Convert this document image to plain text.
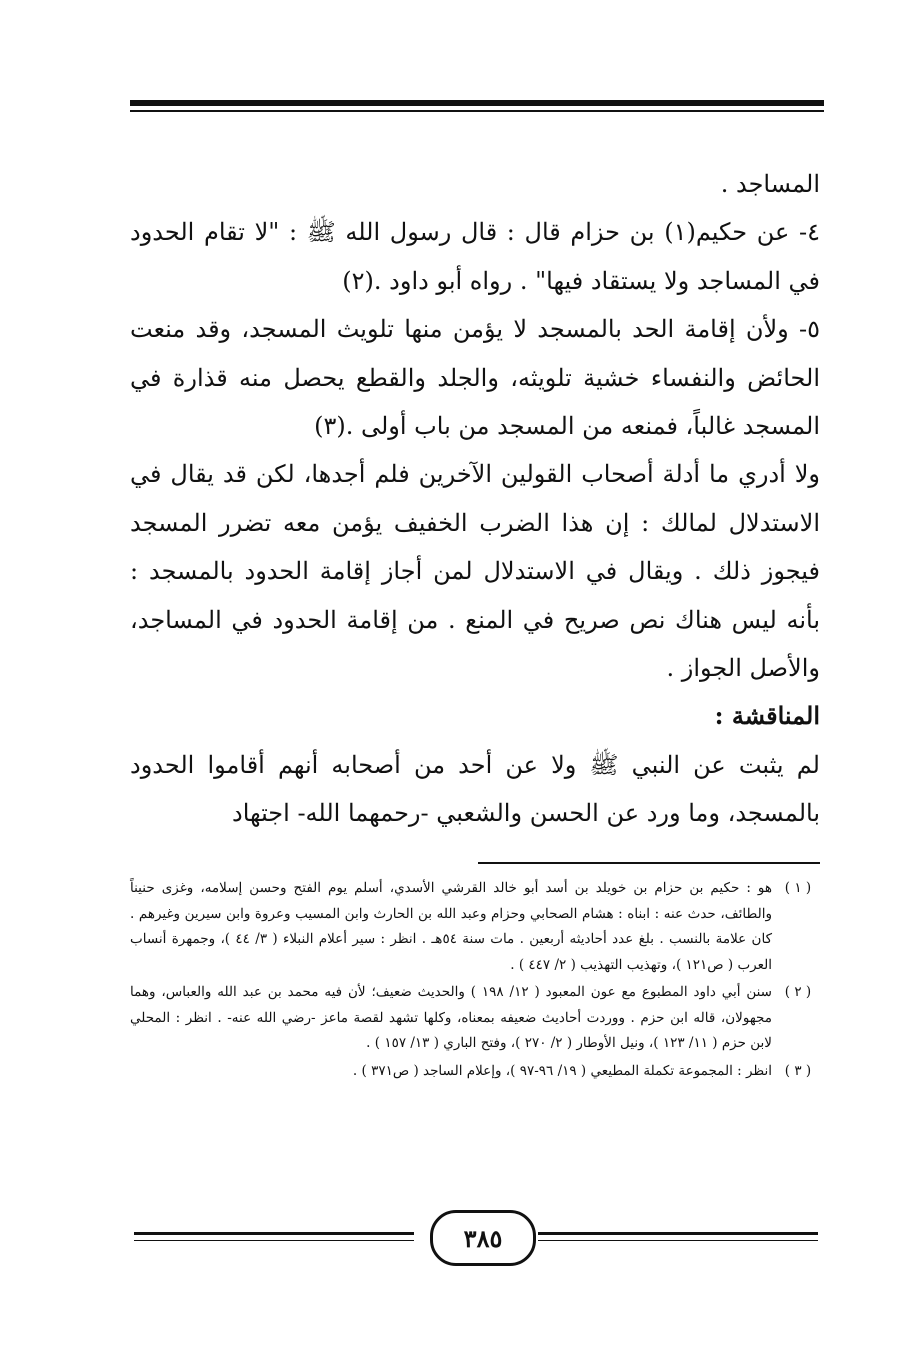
المساجد .

٤- عن حكيم(١) بن حزام قال : قال رسول الله ﷺ : "لا تقام الحدود في المساجد ولا يستقاد فيها" . رواه أبو داود .(٢)

٥- ولأن إقامة الحد بالمسجد لا يؤمن منها تلويث المسجد، وقد منعت الحائض والنفساء خشية تلويثه، والجلد والقطع يحصل منه قذارة في المسجد غالباً، فمنعه من المسجد من باب أولى .(٣)

ولا أدري ما أدلة أصحاب القولين الآخرين فلم أجدها، لكن قد يقال في الاستدلال لمالك : إن هذا الضرب الخفيف يؤمن معه تضرر المسجد فيجوز ذلك . ويقال في الاستدلال لمن أجاز إقامة الحدود بالمسجد : بأنه ليس هناك نص صريح في المنع . من إقامة الحدود في المساجد، والأصل الجواز .

المناقشة :

لم يثبت عن النبي ﷺ ولا عن أحد من أصحابه أنهم أقاموا الحدود بالمسجد، وما ورد عن الحسن والشعبي -رحمهما الله- اجتهاد

( ١ )
هو : حكيم بن حزام بن خويلد بن أسد أبو خالد القرشي الأسدي، أسلم يوم الفتح وحسن إسلامه، وغزى حنيناً والطائف، حدث عنه : ابناه : هشام الصحابي وحزام وعبد الله بن الحارث وابن المسيب وعروة وابن سيرين وغيرهم . كان علامة بالنسب . بلغ عدد أحاديثه أربعين . مات سنة ٥٤هـ . انظر : سير أعلام النبلاء ( ٣/ ٤٤ )، وجمهرة أنساب العرب ( ص١٢١ )، وتهذيب التهذيب ( ٢/ ٤٤٧ ) .

( ٢ )
سنن أبي داود المطبوع مع عون المعبود ( ١٢/ ١٩٨ ) والحديث ضعيف؛ لأن فيه محمد بن عبد الله والعباس، وهما مجهولان، قاله ابن حزم . ووردت أحاديث ضعيفه بمعناه، وكلها تشهد لقصة ماعز -رضي الله عنه- . انظر : المحلي لابن حزم ( ١١/ ١٢٣ )، ونيل الأوطار ( ٢/ ٢٧٠ )، وفتح الباري ( ١٣/ ١٥٧ ) .

( ٣ )
انظر : المجموعة تكملة المطيعي ( ١٩/ ٩٦-٩٧ )، وإعلام الساجد ( ص٣٧١ ) .

٣٨٥
